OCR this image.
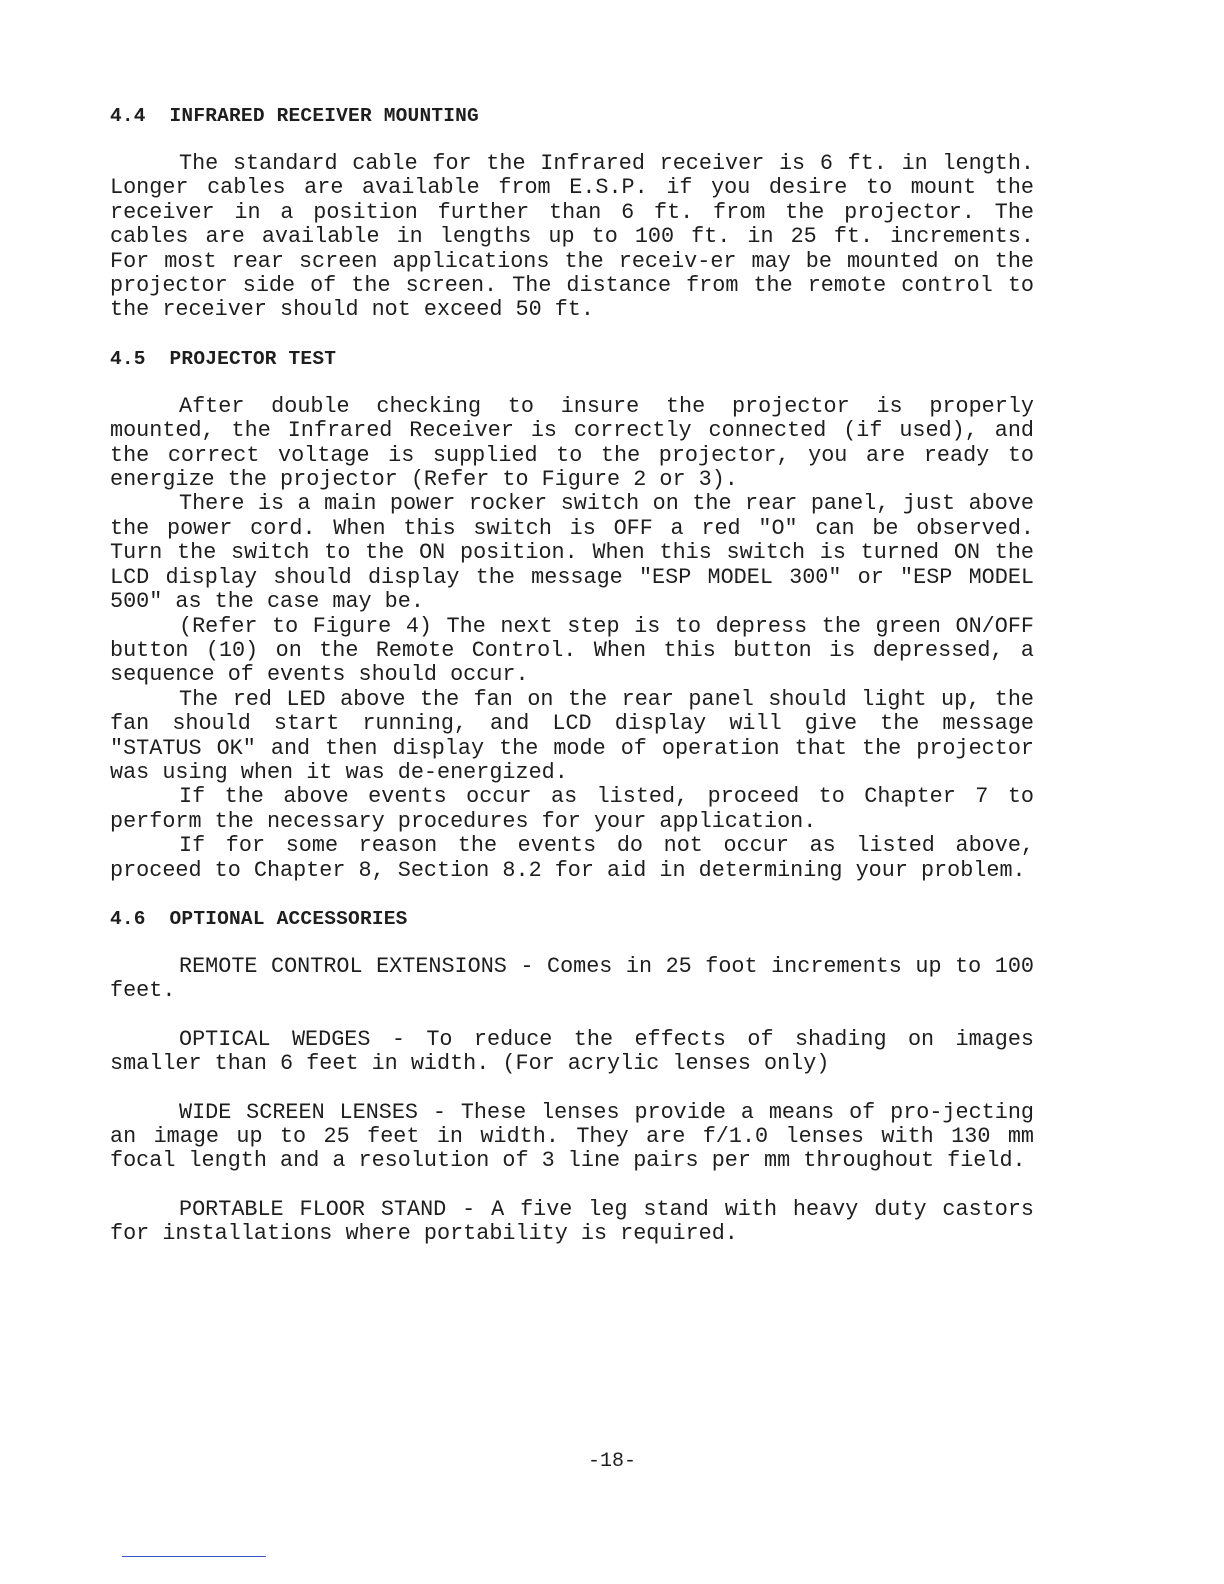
4.4  INFRARED RECEIVER MOUNTING

The standard cable for the Infrared receiver is 6 ft. in length. Longer cables are available from E.S.P. if you desire to mount the receiver in a position further than 6 ft. from the projector. The cables are available in lengths up to 100 ft. in 25 ft. increments. For most rear screen applications the receiv-er may be mounted on the projector side of the screen. The distance from the remote control to the receiver should not exceed 50 ft.

4.5  PROJECTOR TEST

After double checking to insure the projector is properly mounted, the Infrared Receiver is correctly connected (if used), and the correct voltage is supplied to the projector, you are ready to energize the projector (Refer to Figure 2 or 3).

There is a main power rocker switch on the rear panel, just above the power cord. When this switch is OFF a red "O" can be observed. Turn the switch to the ON position. When this switch is turned ON the LCD display should display the message "ESP MODEL 300" or "ESP MODEL 500" as the case may be.

(Refer to Figure 4) The next step is to depress the green ON/OFF button (10) on the Remote Control. When this button is depressed, a sequence of events should occur.

The red LED above the fan on the rear panel should light up, the fan should start running, and LCD display will give the message "STATUS OK" and then display the mode of operation that the projector was using when it was de-energized.

If the above events occur as listed, proceed to Chapter 7 to perform the necessary procedures for your application.

If for some reason the events do not occur as listed above, proceed to Chapter 8, Section 8.2 for aid in determining your problem.

4.6  OPTIONAL ACCESSORIES

REMOTE CONTROL EXTENSIONS - Comes in 25 foot increments up to 100 feet.

OPTICAL WEDGES - To reduce the effects of shading on images smaller than 6 feet in width. (For acrylic lenses only)

WIDE SCREEN LENSES - These lenses provide a means of pro-jecting an image up to 25 feet in width. They are f/1.0 lenses with 130 mm focal length and a resolution of 3 line pairs per mm throughout field.

PORTABLE FLOOR STAND - A five leg stand with heavy duty castors for installations where portability is required.

-18-
